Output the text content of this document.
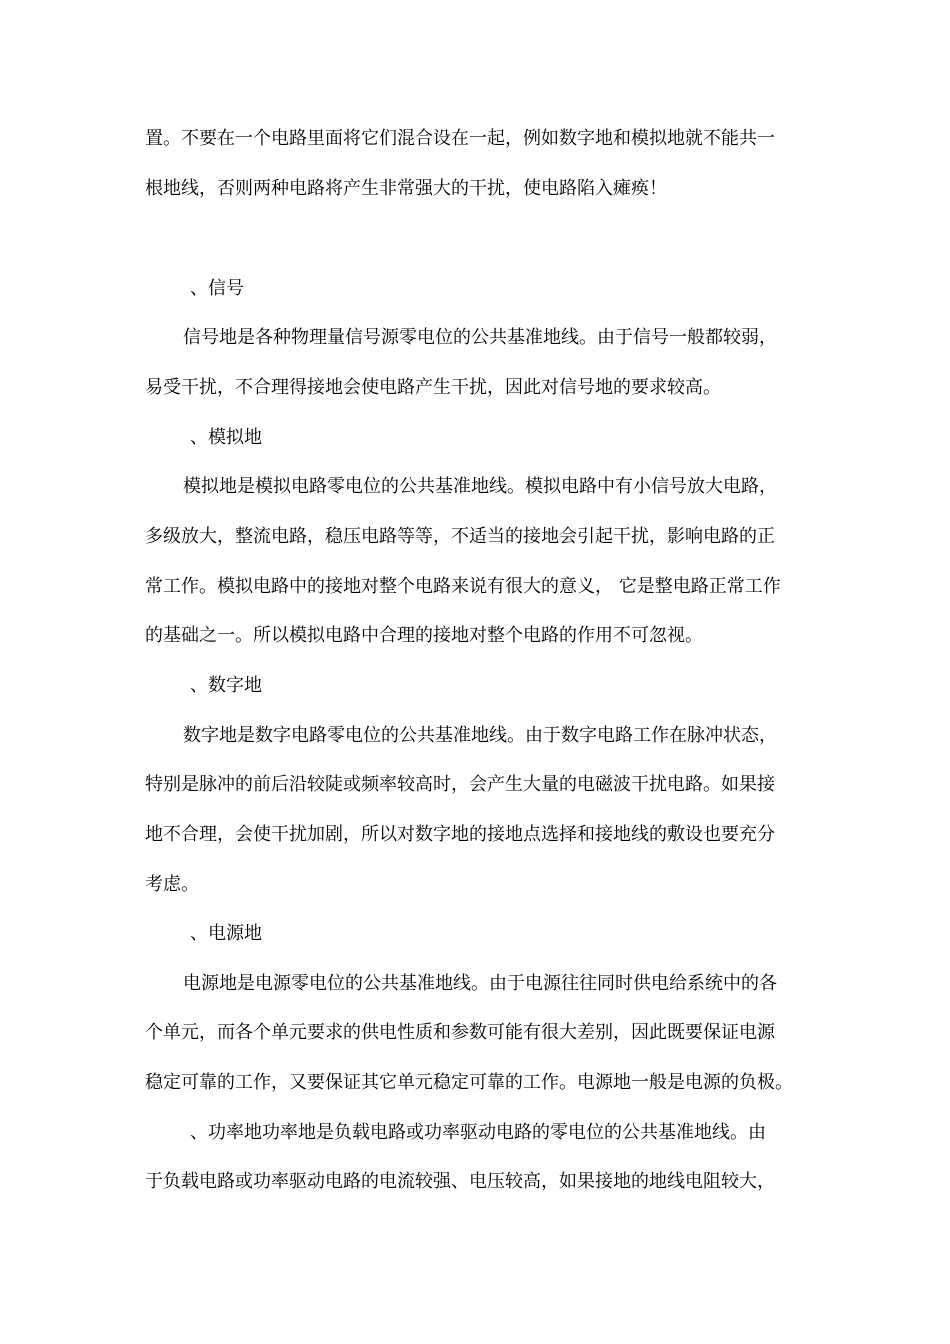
置。不要在一个电路里面将它们混合设在一起，例如数字地和模拟地就不能共一
根地线，否则两种电路将产生非常强大的干扰，使电路陷入瘫痪！
、信号
信号地是各种物理量信号源零电位的公共基准地线。由于信号一般都较弱，
易受干扰，不合理得接地会使电路产生干扰，因此对信号地的要求较高。
、模拟地
模拟地是模拟电路零电位的公共基准地线。模拟电路中有小信号放大电路，
多级放大，整流电路，稳压电路等等，不适当的接地会引起干扰，影响电路的正
常工作。模拟电路中的接地对整个电路来说有很大的意义， 它是整电路正常工作
的基础之一。所以模拟电路中合理的接地对整个电路的作用不可忽视。
、数字地
数字地是数字电路零电位的公共基准地线。由于数字电路工作在脉冲状态，
特别是脉冲的前后沿较陡或频率较高时，会产生大量的电磁波干扰电路。如果接
地不合理，会使干扰加剧，所以对数字地的接地点选择和接地线的敷设也要充分
考虑。
、电源地
电源地是电源零电位的公共基准地线。由于电源往往同时供电给系统中的各
个单元，而各个单元要求的供电性质和参数可能有很大差别，因此既要保证电源
稳定可靠的工作，又要保证其它单元稳定可靠的工作。电源地一般是电源的负极。
、功率地功率地是负载电路或功率驱动电路的零电位的公共基准地线。由
于负载电路或功率驱动电路的电流较强、电压较高，如果接地的地线电阻较大，
